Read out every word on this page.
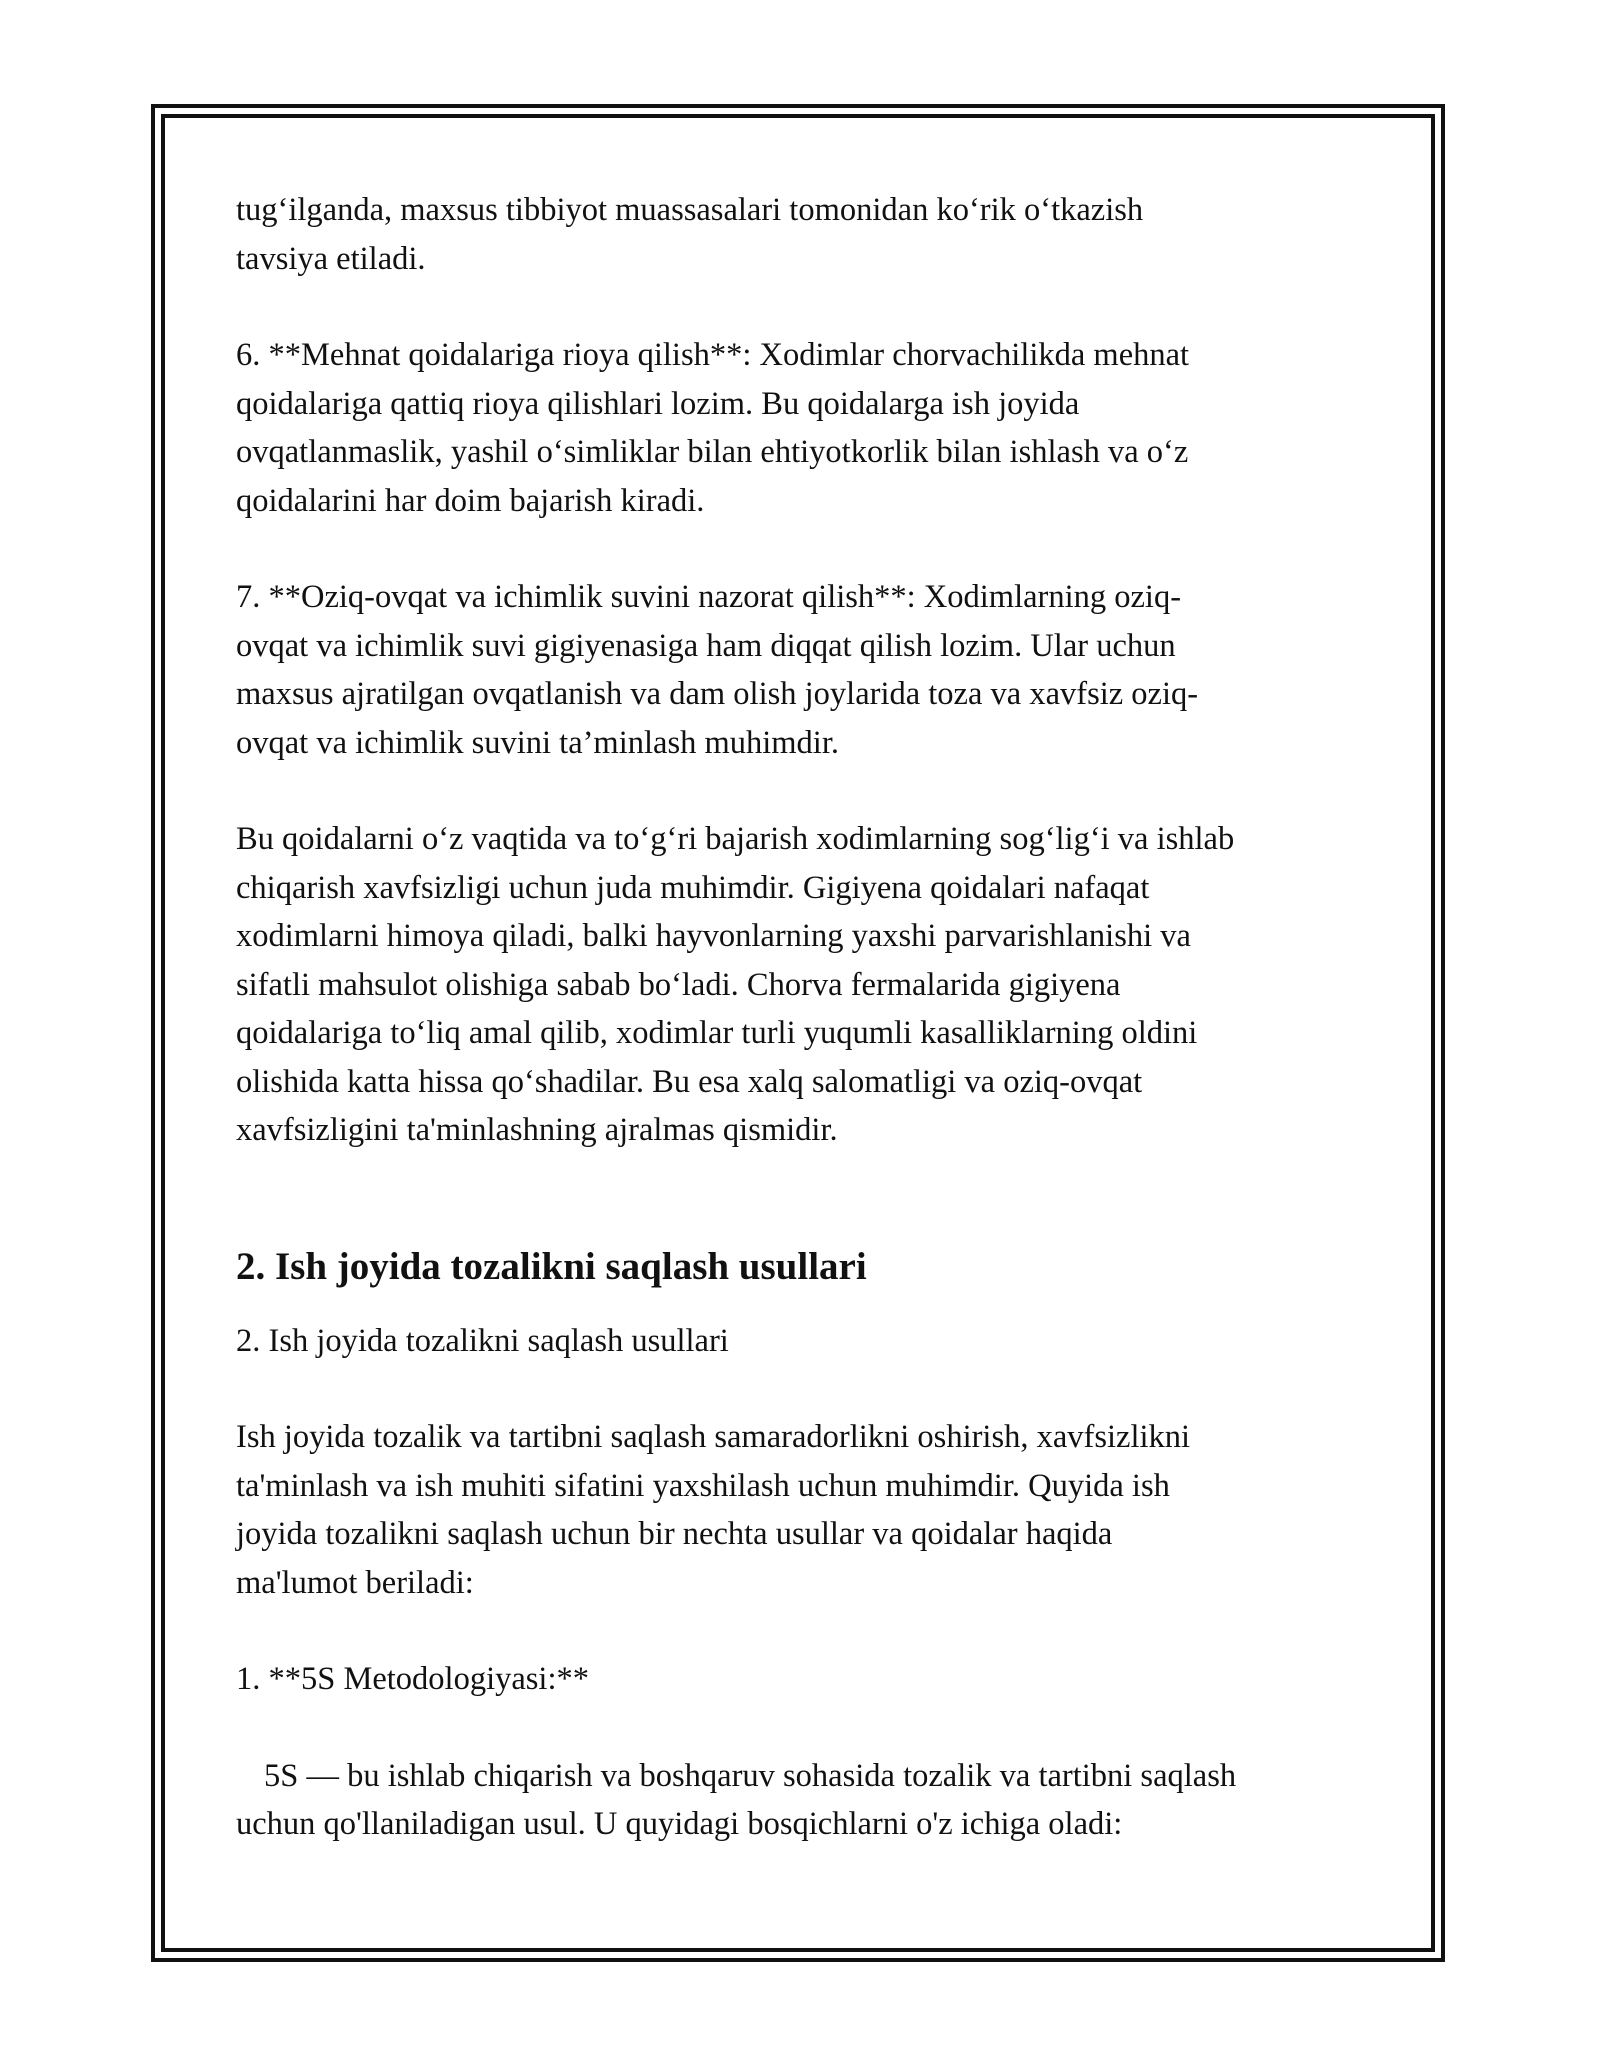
tug‘ilganda, maxsus tibbiyot muassasalari tomonidan ko‘rik o‘tkazish
tavsiya etiladi.

6. **Mehnat qoidalariga rioya qilish**: Xodimlar chorvachilikda mehnat
qoidalariga qattiq rioya qilishlari lozim. Bu qoidalarga ish joyida
ovqatlanmaslik, yashil o‘simliklar bilan ehtiyotkorlik bilan ishlash va o‘z
qoidalarini har doim bajarish kiradi.

7. **Oziq-ovqat va ichimlik suvini nazorat qilish**: Xodimlarning oziq-
ovqat va ichimlik suvi gigiyenasiga ham diqqat qilish lozim. Ular uchun
maxsus ajratilgan ovqatlanish va dam olish joylarida toza va xavfsiz oziq-
ovqat va ichimlik suvini ta’minlash muhimdir.

Bu qoidalarni o‘z vaqtida va to‘g‘ri bajarish xodimlarning sog‘lig‘i va ishlab
chiqarish xavfsizligi uchun juda muhimdir. Gigiyena qoidalari nafaqat
xodimlarni himoya qiladi, balki hayvonlarning yaxshi parvarishlanishi va
sifatli mahsulot olishiga sabab bo‘ladi. Chorva fermalarida gigiyena
qoidalariga to‘liq amal qilib, xodimlar turli yuqumli kasalliklarning oldini
olishida katta hissa qo‘shadilar. Bu esa xalq salomatligi va oziq-ovqat
xavfsizligini ta'minlashning ajralmas qismidir.

2. Ish joyida tozalikni saqlash usullari

2. Ish joyida tozalikni saqlash usullari

Ish joyida tozalik va tartibni saqlash samaradorlikni oshirish, xavfsizlikni
ta'minlash va ish muhiti sifatini yaxshilash uchun muhimdir. Quyida ish
joyida tozalikni saqlash uchun bir nechta usullar va qoidalar haqida
ma'lumot beriladi:

1. **5S Metodologiyasi:**

5S — bu ishlab chiqarish va boshqaruv sohasida tozalik va tartibni saqlash
uchun qo'llaniladigan usul. U quyidagi bosqichlarni o'z ichiga oladi:
